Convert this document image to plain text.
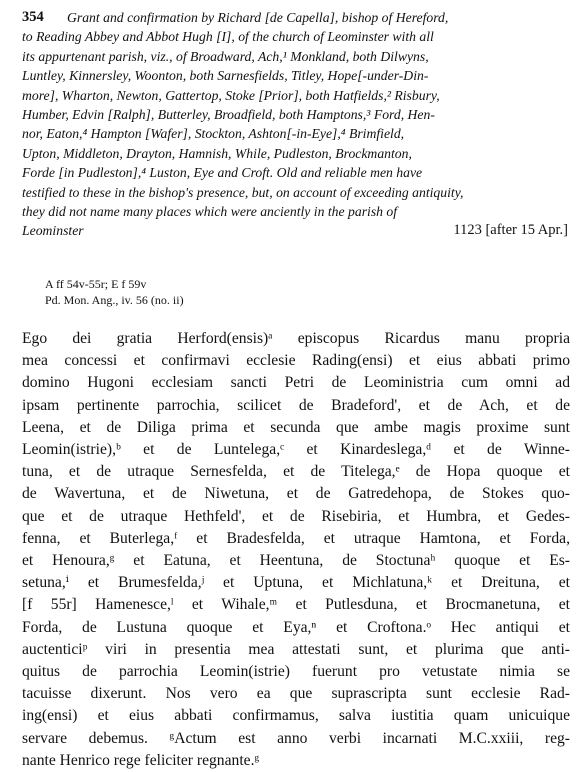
354	Grant and confirmation by Richard [de Capella], bishop of Hereford,
to Reading Abbey and Abbot Hugh [I], of the church of Leominster with all
its appurtenant parish, viz., of Broadward, Ach,¹ Monkland, both Dilwyns,
Luntley, Kinnersley, Woonton, both Sarnesfields, Titley, Hope[-under-Din-
more], Wharton, Newton, Gattertop, Stoke [Prior], both Hatfields,² Risbury,
Humber, Edvin [Ralph], Butterley, Broadfield, both Hamptons,³ Ford, Hen-
nor, Eaton,⁴ Hampton [Wafer], Stockton, Ashton[-in-Eye],⁴ Brimfield,
Upton, Middleton, Drayton, Hamnish, While, Pudleston, Brockmanton,
Forde [in Pudleston],⁴ Luston, Eye and Croft. Old and reliable men have
testified to these in the bishop's presence, but, on account of exceeding antiquity,
they did not name many places which were anciently in the parish of
Leominster	1123 [after 15 Apr.]
A ff 54v-55r; E f 59v
Pd. Mon. Ang., iv. 56 (no. ii)
Ego dei gratia Herford(ensis)ᵃ episcopus Ricardus manu propria
mea concessi et confirmavi ecclesie Rading(ensi) et eius abbati primo
domino Hugoni ecclesiam sancti Petri de Leoministria cum omni ad
ipsam pertinente parrochia, scilicet de Bradeford', et de Ach, et de
Leena, et de Diliga prima et secunda que ambe magis proxime sunt
Leomin(istrie),ᵇ et de Luntelega,ᶜ et Kinardeslega,ᵈ et de Winne-
tuna, et de utraque Sernesfelda, et de Titelega,ᵉ de Hopa quoque et
de Wavertuna, et de Niwetuna, et de Gatredehopa, de Stokes quo-
que et de utraque Hethfeld', et de Risebiria, et Humbra, et Gedes-
fenna, et Buterlega,ᶠ et Bradesfelda, et utraque Hamtona, et Forda,
et Henoura,ᵍ et Eatuna, et Heentuna, de Stoctunaʰ quoque et Es-
setuna,ⁱ et Brumesfelda,ʲ et Uptuna, et Michlatuna,ᵏ et Dreituna, et
[f 55r] Hamenesce,ˡ et Wihale,ᵐ et Putlesduna, et Brocmanetuna, et
Forda, de Lustuna quoque et Eya,ⁿ et Croftona.ᵒ Hec antiqui et
auctenticiᵖ viri in presentia mea attestati sunt, et plurima que anti-
quitus de parrochia Leomin(istrie) fuerunt pro vetustate nimia se
tacuisse dixerunt. Nos vero ea que suprascripta sunt ecclesie Rad-
ing(ensi) et eius abbati confirmamus, salva iustitia quam unicuique
servare debemus. ᵍActum est anno verbi incarnati M.C.xxiii, reg-
nante Henrico rege feliciter regnante.ᵍ
